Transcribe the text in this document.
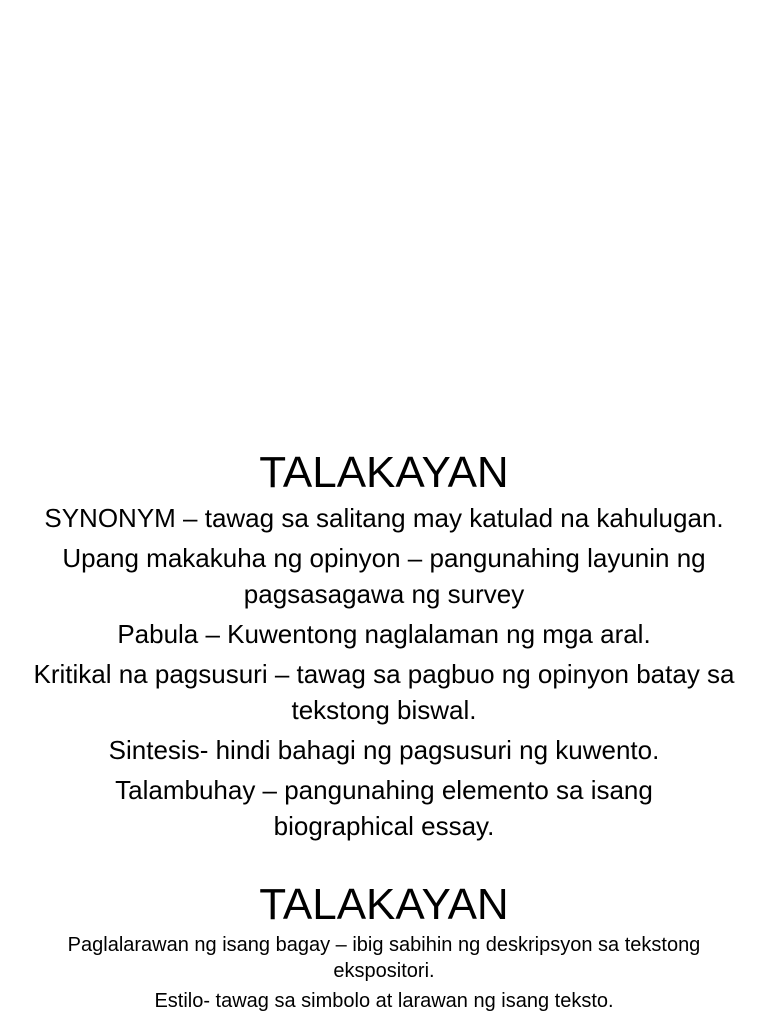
TALAKAYAN

SYNONYM – tawag sa salitang may katulad na kahulugan.

Upang makakuha ng opinyon – pangunahing layunin ng pagsasagawa ng survey

Pabula – Kuwentong naglalaman ng mga aral.

Kritikal na pagsusuri – tawag sa pagbuo ng opinyon batay sa tekstong biswal.

Sintesis- hindi bahagi ng pagsusuri ng kuwento.

Talambuhay – pangunahing elemento sa isang biographical essay.

TALAKAYAN

Paglalarawan ng isang bagay – ibig sabihin ng deskripsyon sa tekstong ekspositori.

Estilo- tawag sa simbolo at larawan ng isang teksto.
